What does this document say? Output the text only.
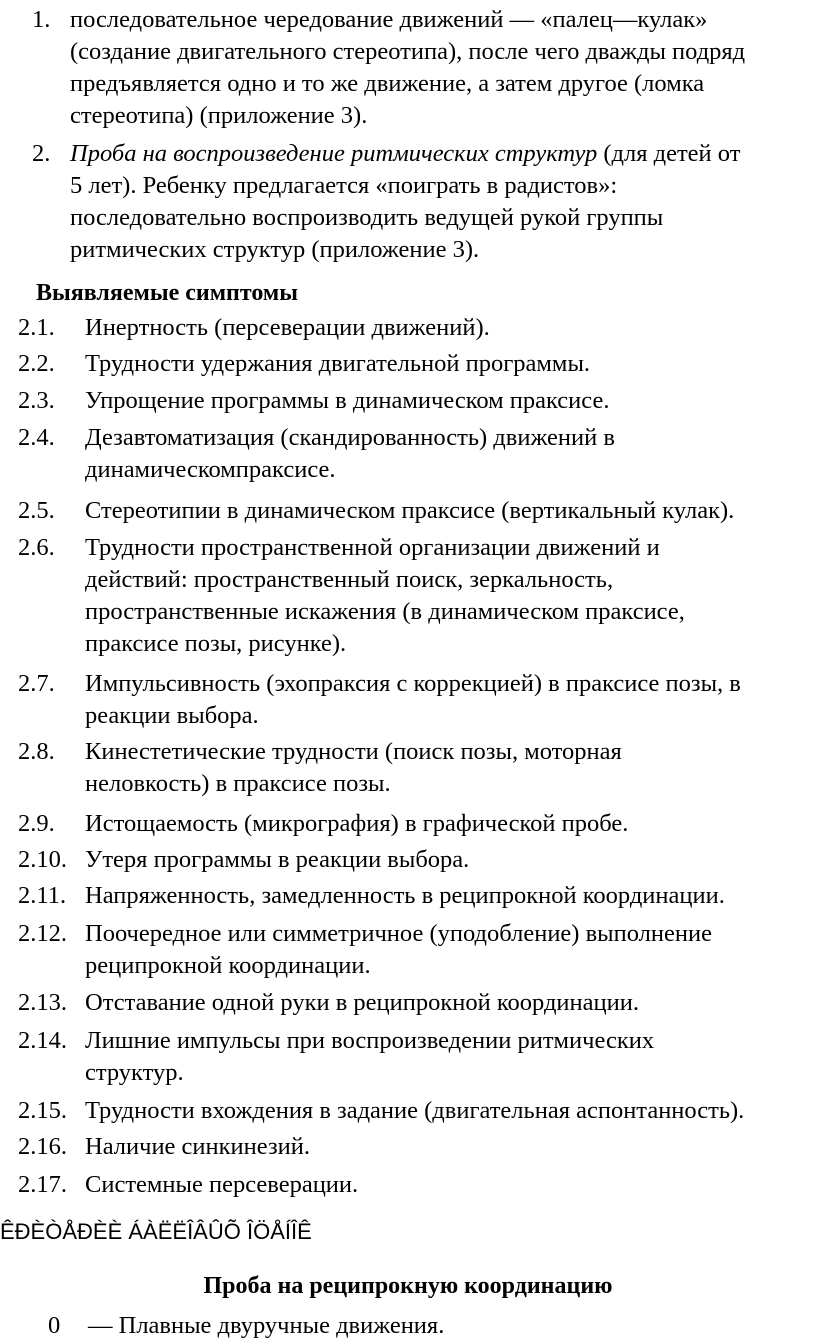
1. последовательное чередование движений — «палец—кулак»
(создание двигательного стереотипа), после чего дважды подряд
предъявляется одно и то же движение, а затем другое (ломка
стереотипа) (приложение 3).
2. Проба на воспроизведение ритмических структур (для детей от
5 лет). Ребенку предлагается «поиграть в радистов»:
последовательно воспроизводить ведущей рукой группы
ритмических структур (приложение 3).
Выявляемые симптомы
2.1. Инертность (персеверации движений).
2.2. Трудности удержания двигательной программы.
2.3. Упрощение программы в динамическом праксисе.
2.4. Дезавтоматизация (скандированность) движений в
динамическомпраксисе.
2.5. Стереотипии в динамическом праксисе (вертикальный кулак).
2.6. Трудности пространственной организации движений и
действий: пространственный поиск, зеркальность,
пространственные искажения (в динамическом праксисе,
праксисе позы, рисунке).
2.7. Импульсивность (эхопраксия с коррекцией) в праксисе позы, в
реакции выбора.
2.8. Кинестетические трудности (поиск позы, моторная
неловкость) в праксисе позы.
2.9. Истощаемость (микрография) в графической пробе.
2.10. Утеря программы в реакции выбора.
2.11. Напряженность, замедленность в реципрокной координации.
2.12. Поочередное или симметричное (уподобление) выполнение
реципрокной координации.
2.13. Отставание одной руки в реципрокной координации.
2.14. Лишние импульсы при воспроизведении ритмических
структур.
2.15. Трудности вхождения в задание (двигательная аспонтанность).
2.16. Наличие синкинезий.
2.17. Системные персеверации.
ÊÐÈÒÅÐÈÈ ÁÀËËÎÂÛÕ ÎÖÅÍÎÊ
Проба на реципрокную координацию
0 — Плавные двуручные движения.
